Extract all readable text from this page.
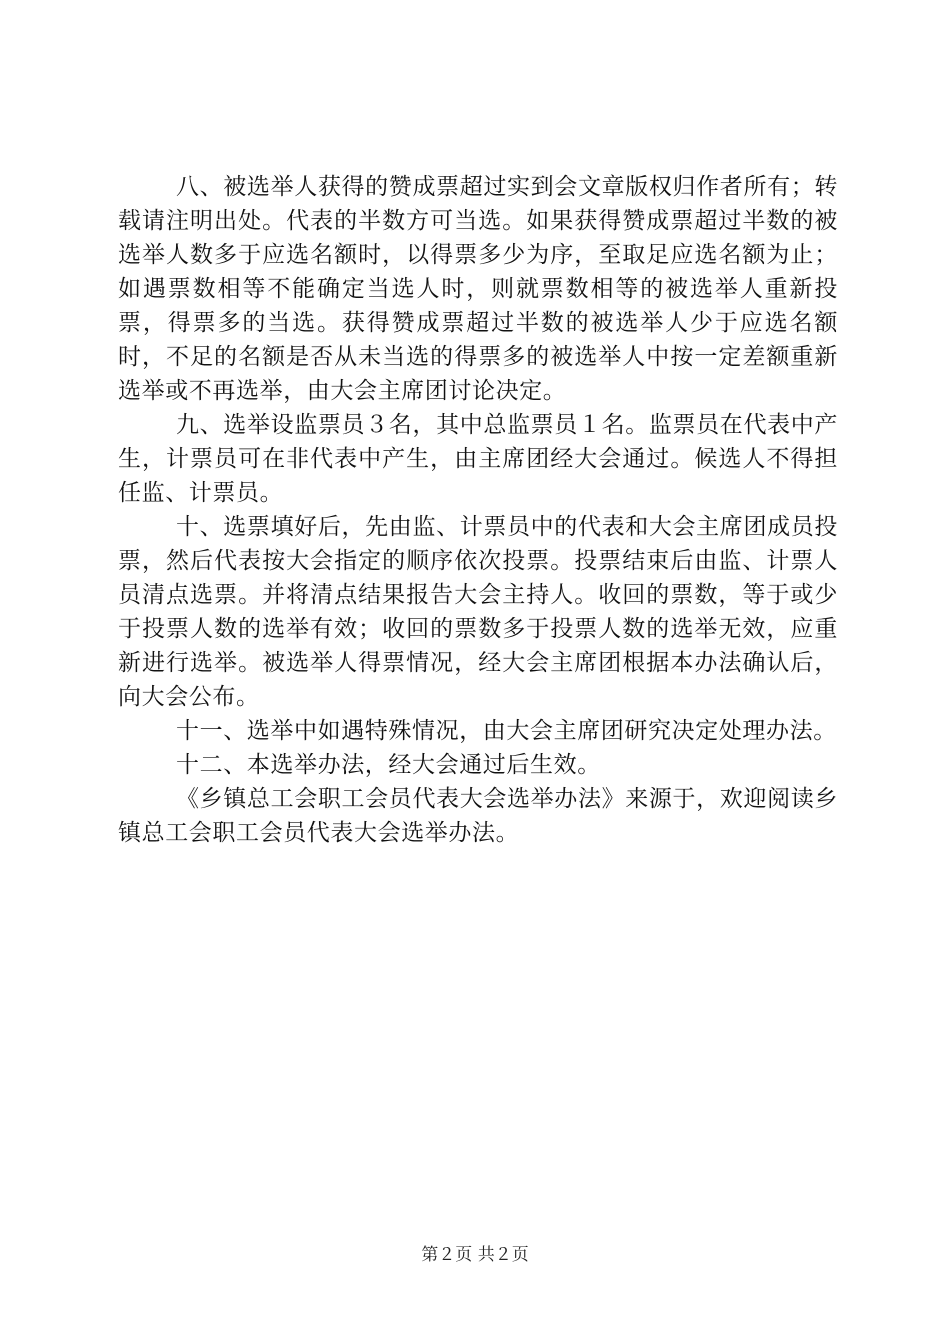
八、被选举人获得的赞成票超过实到会文章版权归作者所有；转载请注明出处。代表的半数方可当选。如果获得赞成票超过半数的被选举人数多于应选名额时，以得票多少为序，至取足应选名额为止；如遇票数相等不能确定当选人时，则就票数相等的被选举人重新投票，得票多的当选。获得赞成票超过半数的被选举人少于应选名额时，不足的名额是否从未当选的得票多的被选举人中按一定差额重新选举或不再选举，由大会主席团讨论决定。

九、选举设监票员３名，其中总监票员１名。监票员在代表中产生，计票员可在非代表中产生，由主席团经大会通过。候选人不得担任监、计票员。

十、选票填好后，先由监、计票员中的代表和大会主席团成员投票，然后代表按大会指定的顺序依次投票。投票结束后由监、计票人员清点选票。并将清点结果报告大会主持人。收回的票数，等于或少于投票人数的选举有效；收回的票数多于投票人数的选举无效，应重新进行选举。被选举人得票情况，经大会主席团根据本办法确认后，向大会公布。

十一、选举中如遇特殊情况，由大会主席团研究决定处理办法。

十二、本选举办法，经大会通过后生效。

《乡镇总工会职工会员代表大会选举办法》来源于，欢迎阅读乡镇总工会职工会员代表大会选举办法。

第２页 共２页
